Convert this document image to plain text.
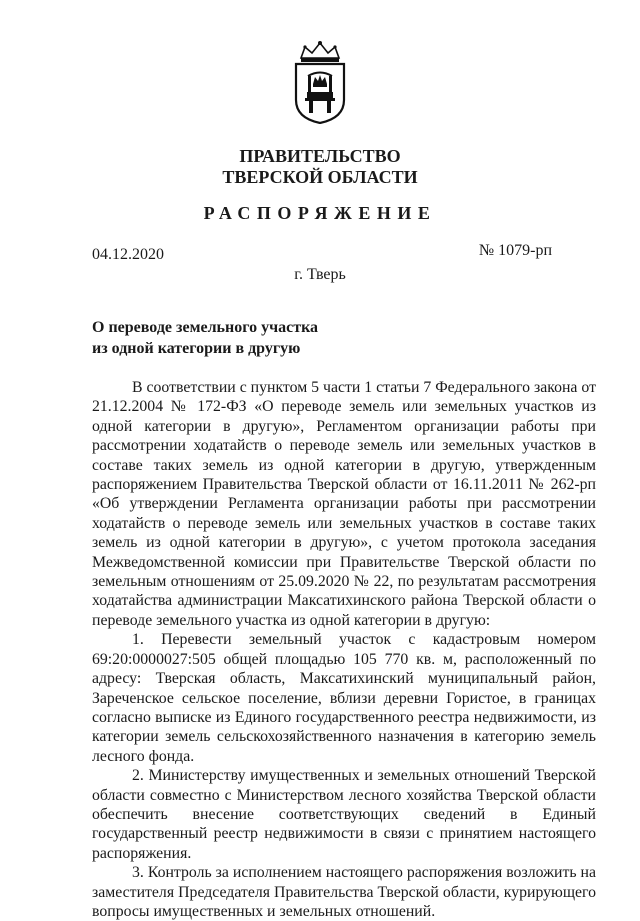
ПРАВИТЕЛЬСТВО
ТВЕРСКОЙ ОБЛАСТИ
РАСПОРЯЖЕНИЕ
04.12.2020	№ 1079-рп
г. Тверь
О переводе земельного участка
из одной категории в другую

В соответствии с пунктом 5 части 1 статьи 7 Федерального закона от 21.12.2004 № 172-ФЗ «О переводе земель или земельных участков из одной категории в другую», Регламентом организации работы при рассмотрении ходатайств о переводе земель или земельных участков в составе таких земель из одной категории в другую, утвержденным распоряжением Правительства Тверской области от 16.11.2011 № 262-рп «Об утверждении Регламента организации работы при рассмотрении ходатайств о переводе земель или земельных участков в составе таких земель из одной категории в другую», с учетом протокола заседания Межведомственной комиссии при Правительстве Тверской области по земельным отношениям от 25.09.2020 № 22, по результатам рассмотрения ходатайства администрации Максатихинского района Тверской области о переводе земельного участка из одной категории в другую:

1. Перевести земельный участок с кадастровым номером 69:20:0000027:505 общей площадью 105 770 кв. м, расположенный по адресу: Тверская область, Максатихинский муниципальный район, Зареченское сельское поселение, вблизи деревни Гористое, в границах согласно выписке из Единого государственного реестра недвижимости, из категории земель сельскохозяйственного назначения в категорию земель лесного фонда.

2. Министерству имущественных и земельных отношений Тверской области совместно с Министерством лесного хозяйства Тверской области обеспечить внесение соответствующих сведений в Единый государственный реестр недвижимости в связи с принятием настоящего распоряжения.

3. Контроль за исполнением настоящего распоряжения возложить на заместителя Председателя Правительства Тверской области, курирующего вопросы имущественных и земельных отношений.
